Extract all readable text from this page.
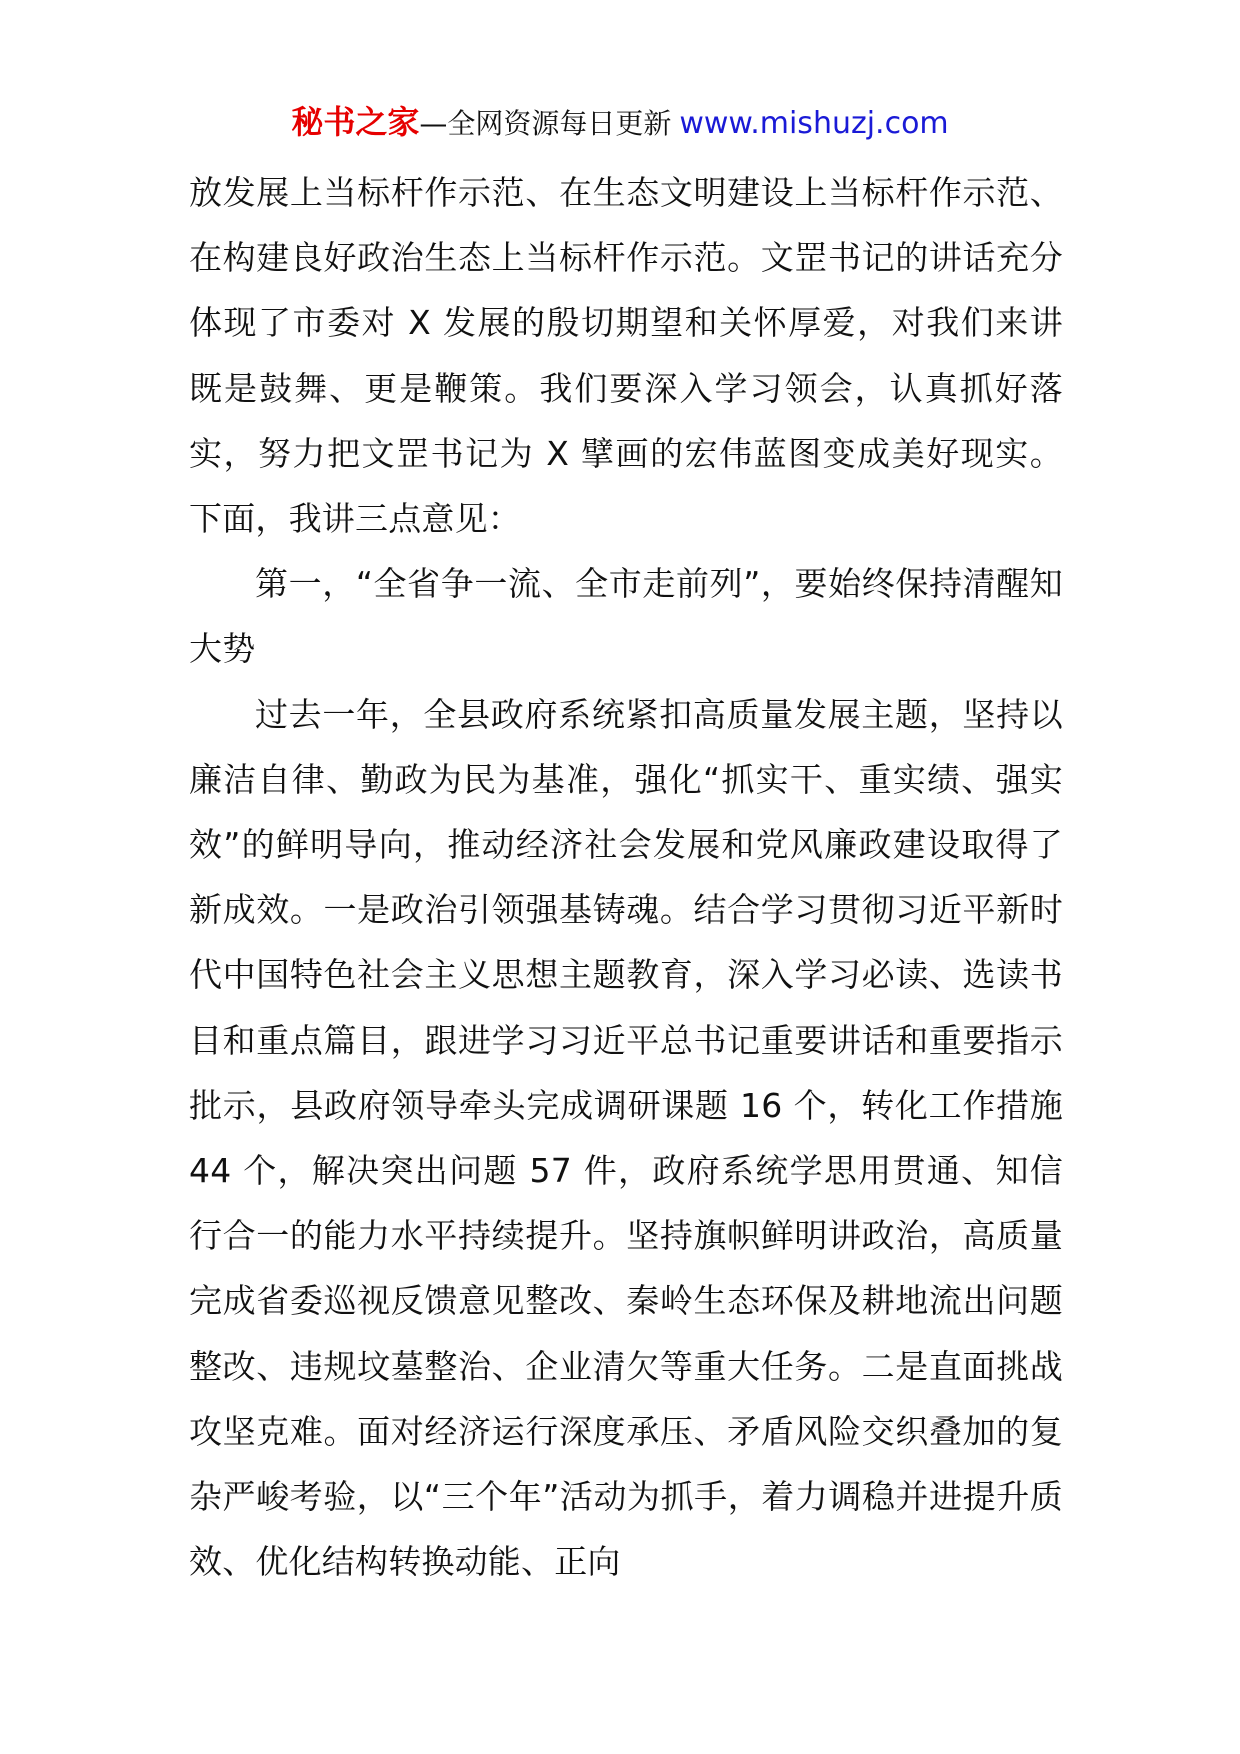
秘书之家—全网资源每日更新 www.mishuzj.com

放发展上当标杆作示范、在生态文明建设上当标杆作示范、在构建良好政治生态上当标杆作示范。文罡书记的讲话充分体现了市委对 X 发展的殷切期望和关怀厚爱，对我们来讲既是鼓舞、更是鞭策。我们要深入学习领会，认真抓好落实，努力把文罡书记为 X 擘画的宏伟蓝图变成美好现实。下面，我讲三点意见：

第一，“全省争一流、全市走前列”，要始终保持清醒知大势

过去一年，全县政府系统紧扣高质量发展主题，坚持以廉洁自律、勤政为民为基准，强化“抓实干、重实绩、强实效”的鲜明导向，推动经济社会发展和党风廉政建设取得了新成效。一是政治引领强基铸魂。结合学习贯彻习近平新时代中国特色社会主义思想主题教育，深入学习必读、选读书目和重点篇目，跟进学习习近平总书记重要讲话和重要指示批示，县政府领导牵头完成调研课题 16 个，转化工作措施 44 个，解决突出问题 57 件，政府系统学思用贯通、知信行合一的能力水平持续提升。坚持旗帜鲜明讲政治，高质量完成省委巡视反馈意见整改、秦岭生态环保及耕地流出问题整改、违规坟墓整治、企业清欠等重大任务。二是直面挑战攻坚克难。面对经济运行深度承压、矛盾风险交织叠加的复杂严峻考验，以“三个年”活动为抓手，着力调稳并进提升质效、优化结构转换动能、正向
